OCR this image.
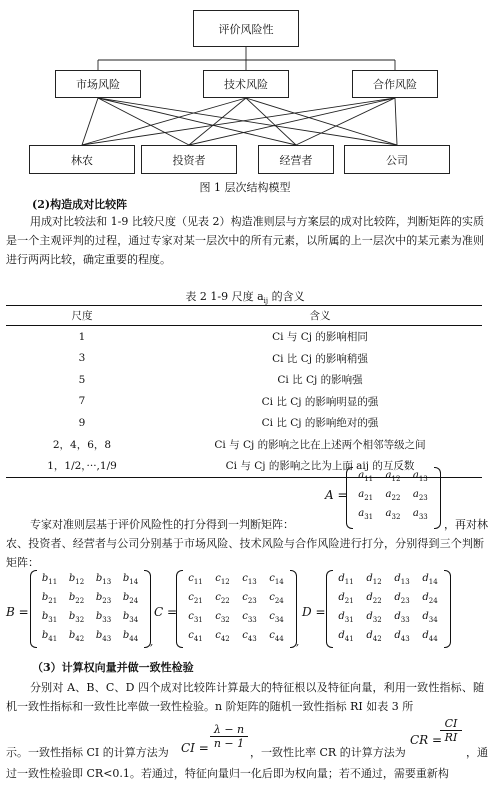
评价风险性
市场风险	技术风险	合作风险
林农	投资者	经营者	公司
图 1 层次结构模型
(2)构造成对比较阵
用成对比较法和 1-9 比较尺度（见表 2）构造准则层与方案层的成对比较阵，判断矩阵的实质是一个主观评判的过程，通过专家对某一层次中的所有元素，以所属的上一层次中的某元素为准则进行两两比较，确定重要的程度。
表 2 1-9 尺度 $a_{ij}$ 的含义
尺度	含义
1	Ci 与 Cj 的影响相同
3	Ci 比 Cj 的影响稍强
5	Ci 比 Cj 的影响强
7	Ci 比 Cj 的影响明显的强
9	Ci 比 Cj 的影响绝对的强
2，4，6，8	Ci 与 Cj 的影响之比在上述两个相邻等级之间
1，1/2，···,1/9	Ci 与 Cj 的影响之比为上面 aij 的互反数
A =
$a_{11}$	$a_{12}$	$a_{13}$
$a_{21}$	$a_{22}$	$a_{23}$
$a_{31}$	$a_{32}$	$a_{33}$
专家对准则层基于评价风险性的打分得到一判断矩阵：	，再对林
农、投资者、经营者与公司分别基于市场风险、技术风险与合作风险进行打分，分别得到三个判断矩阵：
B =
$b_{11}$	$b_{12}$	$b_{13}$	$b_{14}$
$b_{21}$	$b_{22}$	$b_{23}$	$b_{24}$
$b_{31}$	$b_{32}$	$b_{33}$	$b_{34}$
$b_{41}$	$b_{42}$	$b_{43}$	$b_{44}$	,
C =
$c_{11}$	$c_{12}$	$c_{13}$	$c_{14}$
$c_{21}$	$c_{22}$	$c_{23}$	$c_{24}$
$c_{31}$	$c_{32}$	$c_{33}$	$c_{34}$
$c_{41}$	$c_{42}$	$c_{43}$	$c_{44}$	,
D =
$d_{11}$	$d_{12}$	$d_{13}$	$d_{14}$
$d_{21}$	$d_{22}$	$d_{23}$	$d_{24}$
$d_{31}$	$d_{32}$	$d_{33}$	$d_{34}$
$d_{41}$	$d_{42}$	$d_{43}$	$d_{44}$
（3）计算权向量并做一致性检验
分别对 A、B、C、D 四个成对比较阵计算最大的特征根以及特征向量，利用一致性指标、随机一致性指标和一致性比率做一致性检验。n 阶矩阵的随机一致性指标 RI 如表 3 所
示。一致性指标 CI 的计算方法为 CI = $\frac{\lambda - n}{n - 1}$
，一致性比率 CR 的计算方法为
CR =
$\frac{CI}{RI}$
，通
过一致性检验即 CR<0.1。若通过，特征向量归一化后即为权向量；若不通过，需要重新构
